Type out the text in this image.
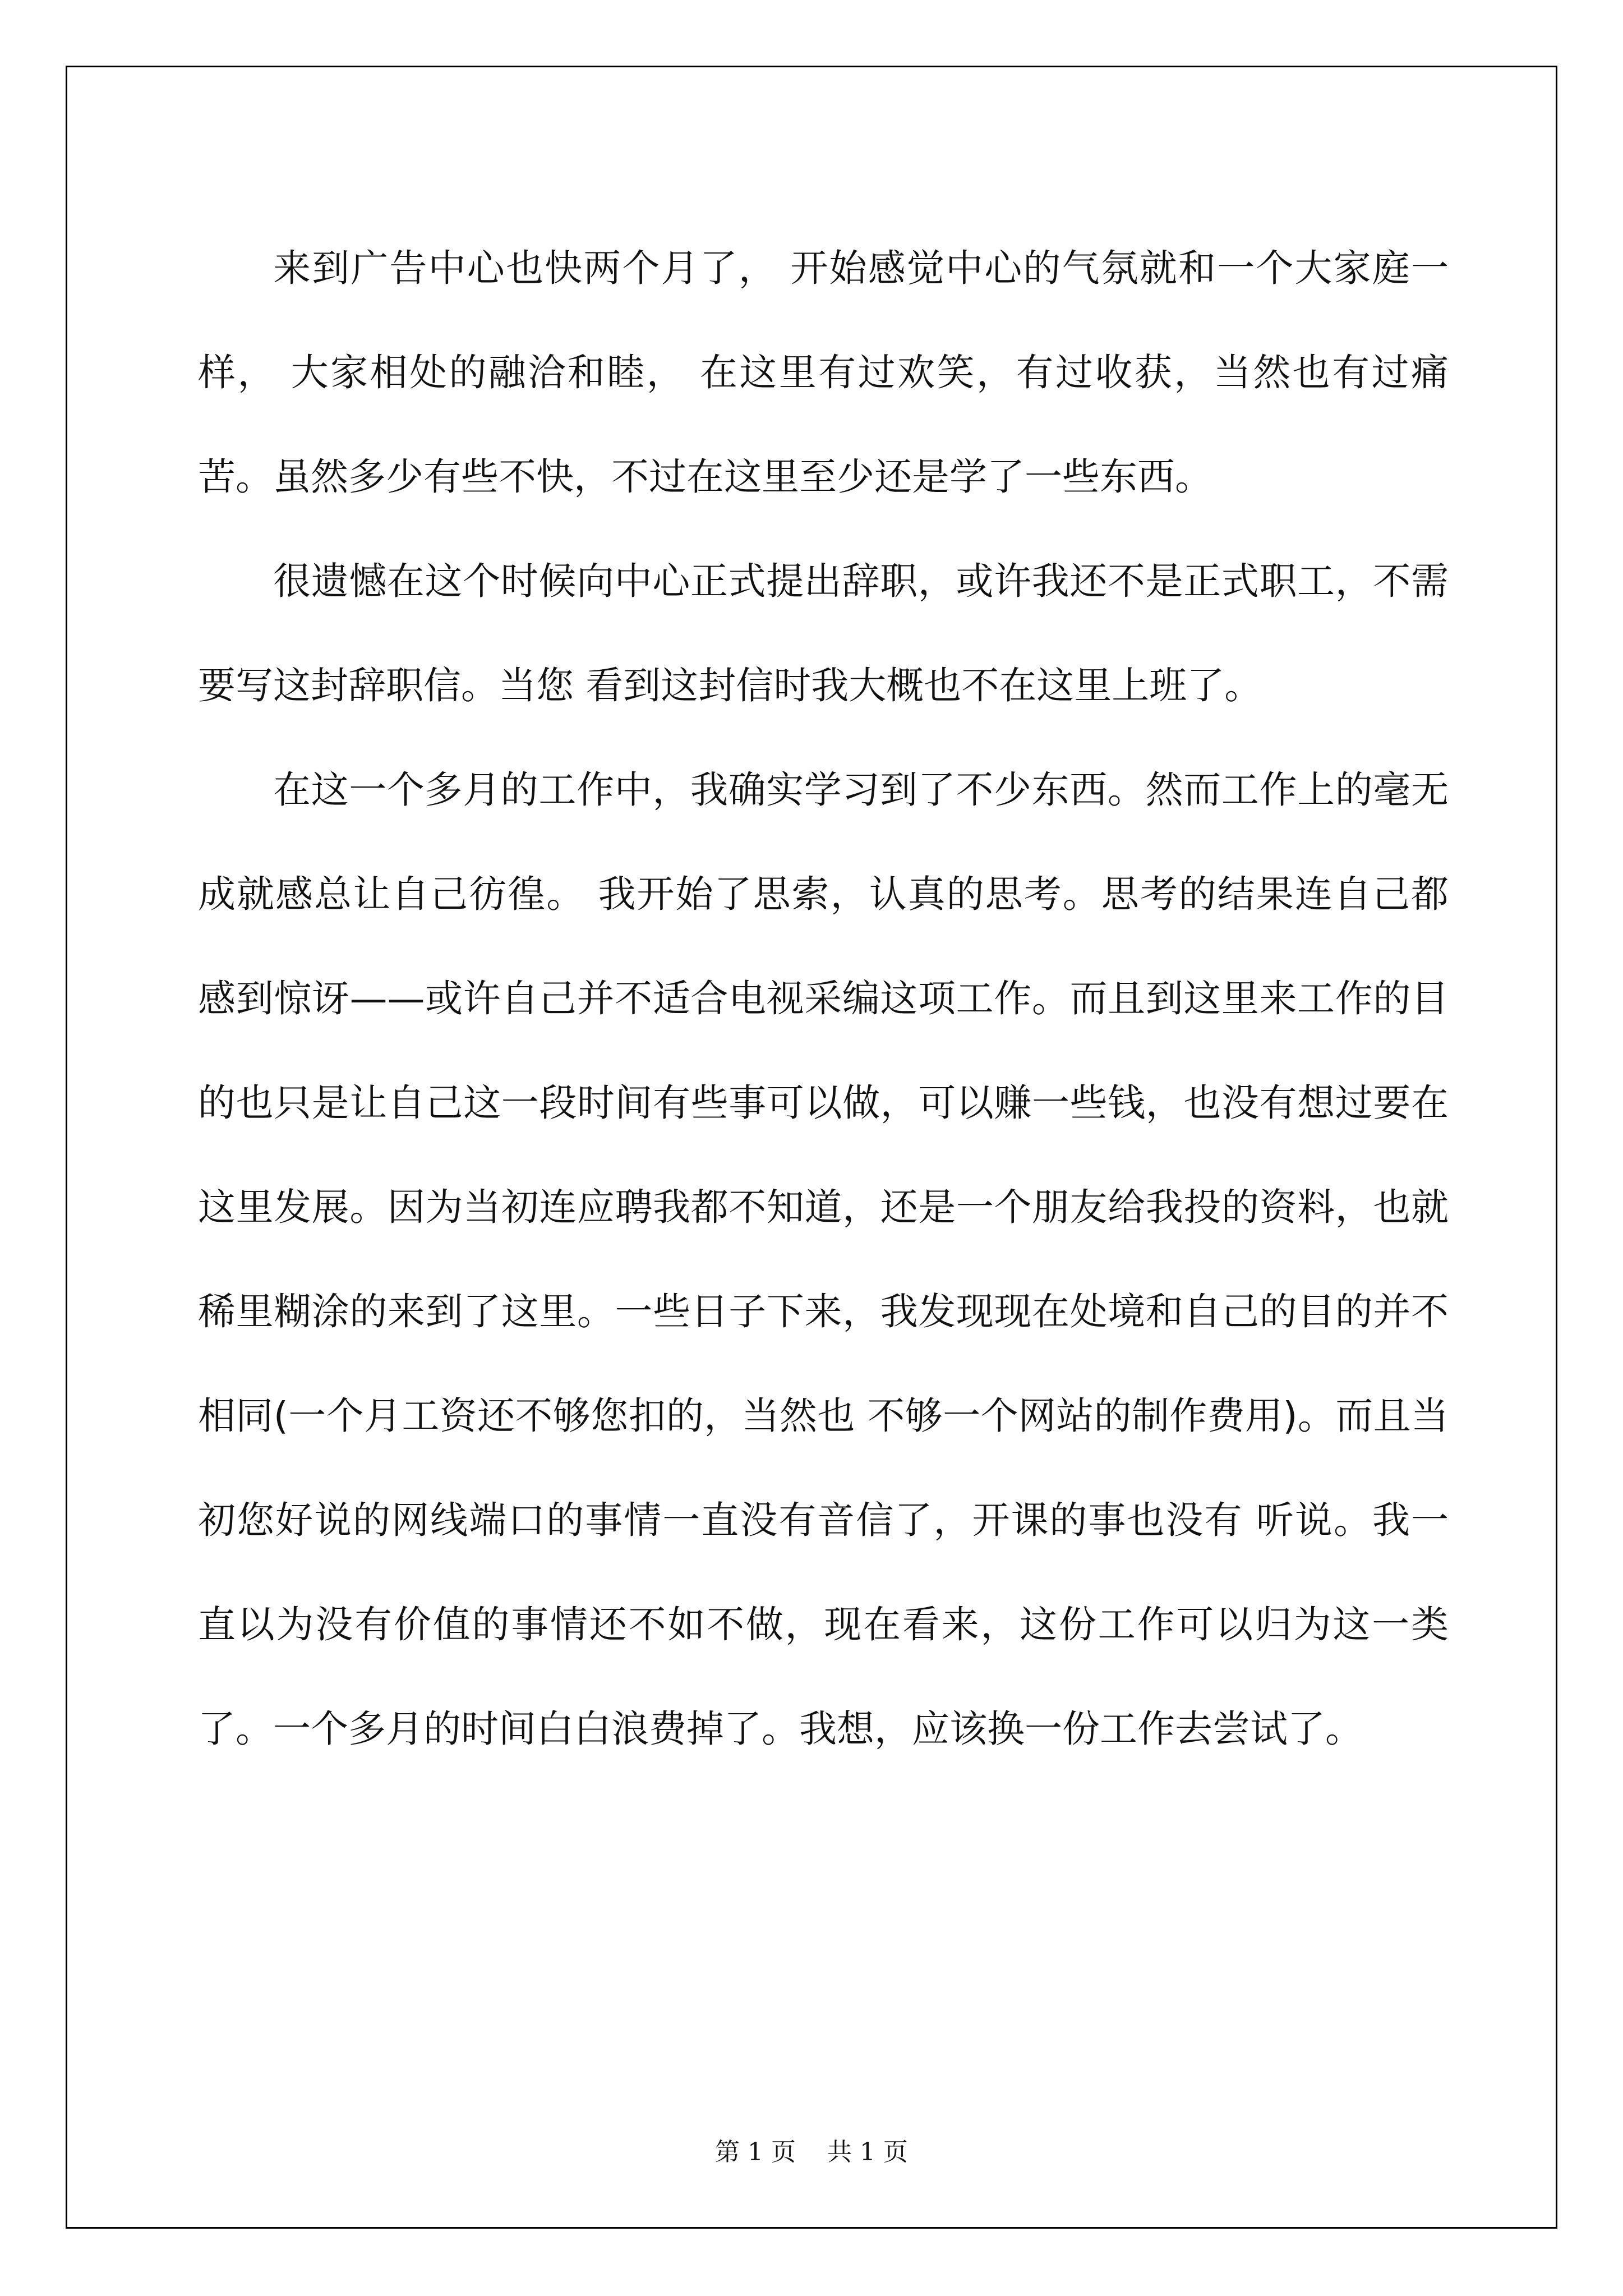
来到广告中心也快两个月了， 开始感觉中心的气氛就和一个大家庭一样， 大家相处的融洽和睦， 在这里有过欢笑，有过收获，当然也有过痛苦。虽然多少有些不快，不过在这里至少还是学了一些东西。

很遗憾在这个时候向中心正式提出辞职，或许我还不是正式职工，不需要写这封辞职信。当您 看到这封信时我大概也不在这里上班了。

在这一个多月的工作中，我确实学习到了不少东西。然而工作上的毫无成就感总让自己彷徨。 我开始了思索，认真的思考。思考的结果连自己都感到惊讶——或许自己并不适合电视采编这项工作。而且到这里来工作的目的也只是让自己这一段时间有些事可以做，可以赚一些钱，也没有想过要在这里发展。因为当初连应聘我都不知道，还是一个朋友给我投的资料，也就稀里糊涂的来到了这里。一些日子下来，我发现现在处境和自己的目的并不相同(一个月工资还不够您扣的，当然也 不够一个网站的制作费用)。而且当初您好说的网线端口的事情一直没有音信了，开课的事也没有 听说。我一直以为没有价值的事情还不如不做，现在看来，这份工作可以归为这一类了。一个多月的时间白白浪费掉了。我想，应该换一份工作去尝试了。

第 1 页    共 1 页
